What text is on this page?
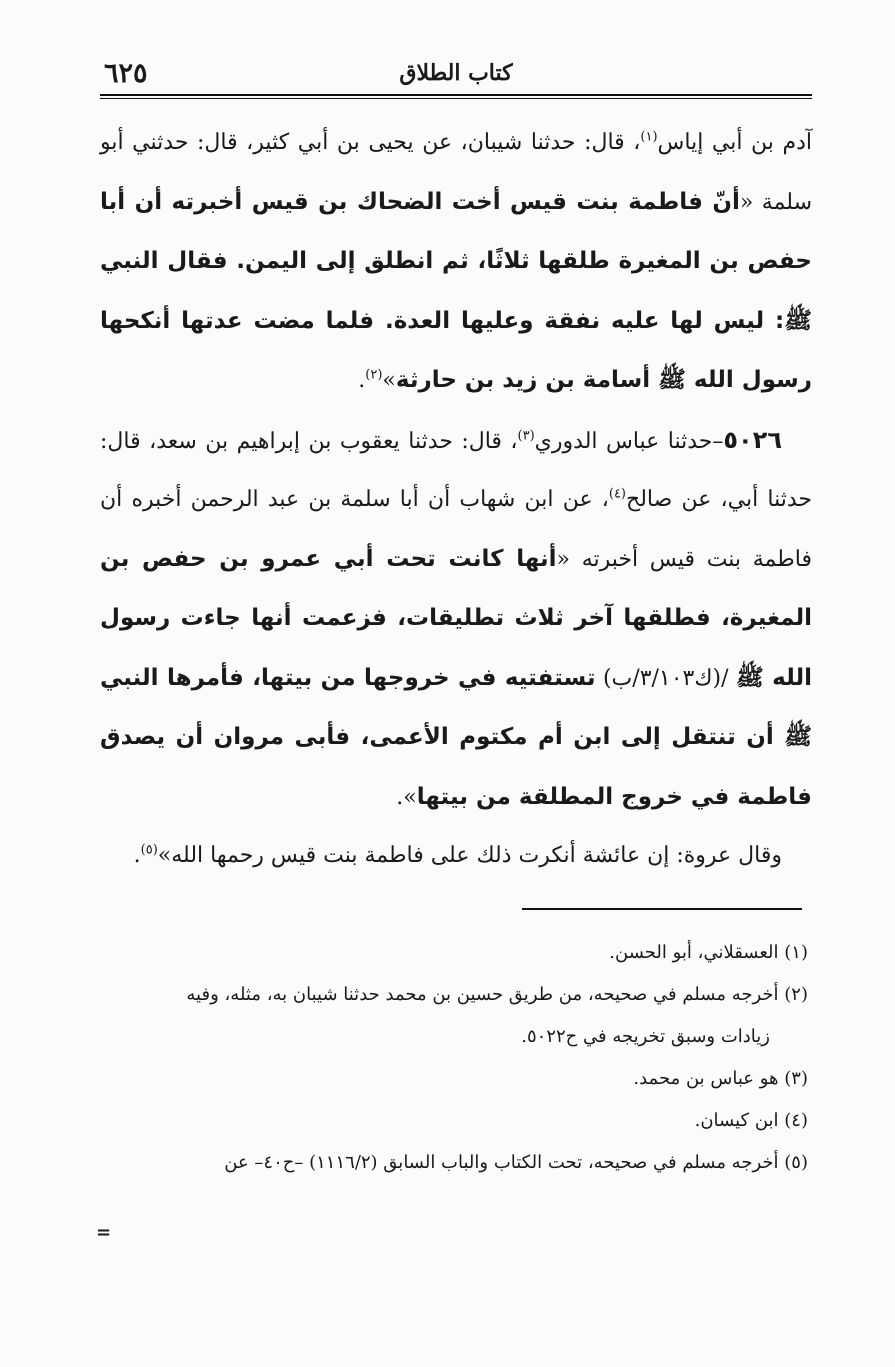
٦٢٥	كتاب الطلاق

آدم بن أبي إياس$^{(١)}$، قال: حدثنا شيبان، عن يحيى بن أبي كثير، قال: حدثني أبو سلمة «أنّ فاطمة بنت قيس أخت الضحاك بن قيس أخبرته أن أبا حفص بن المغيرة طلقها ثلاثًا، ثم انطلق إلى اليمن. فقال النبي ﷺ: ليس لها عليه نفقة وعليها العدة. فلما مضت عدتها أنكحها رسول الله ﷺ أسامة بن زيد بن حارثة»$^{(٢)}$.

٥٠٢٦–حدثنا عباس الدوري$^{(٣)}$، قال: حدثنا يعقوب بن إبراهيم بن سعد، قال: حدثنا أبي، عن صالح$^{(٤)}$، عن ابن شهاب أن أبا سلمة بن عبد الرحمن أخبره أن فاطمة بنت قيس أخبرته «أنها كانت تحت أبي عمرو بن حفص بن المغيرة، فطلقها آخر ثلاث تطليقات، فزعمت أنها جاءت رسول الله ﷺ /(ك٣/١٠٣/ب) تستفتيه في خروجها من بيتها، فأمرها النبي ﷺ أن تنتقل إلى ابن أم مكتوم الأعمى، فأبى مروان أن يصدق فاطمة في خروج المطلقة من بيتها».

وقال عروة: إن عائشة أنكرت ذلك على فاطمة بنت قيس رحمها الله»$^{(٥)}$.

(١) العسقلاني، أبو الحسن.

(٢) أخرجه مسلم في صحيحه، من طريق حسين بن محمد حدثنا شيبان به، مثله، وفيه

زيادات وسبق تخريجه في ح٥٠٢٢.

(٣) هو عباس بن محمد.

(٤) ابن كيسان.

(٥) أخرجه مسلم في صحيحه، تحت الكتاب والباب السابق (١١١٦/٢) –ح٤٠– عن

=
